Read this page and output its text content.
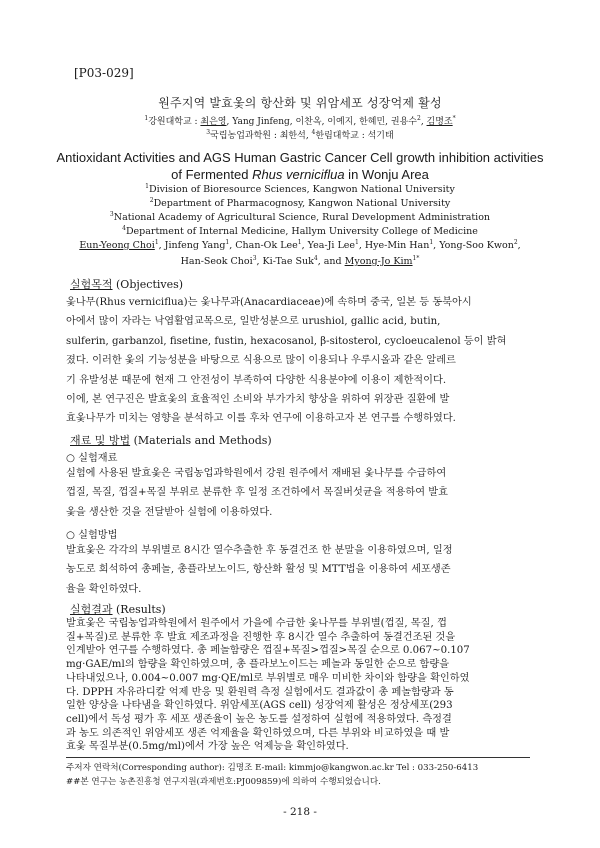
[P03-029]
원주지역 발효옻의 항산화 및 위암세포 성장억제 활성
$^1$강원대학교 : 최은영, Yang Jinfeng, 이찬옥, 이예지, 한혜민, 권용수$^2$, 김명조*
$^3$국립농업과학원 : 최한석, $^4$한림대학교 : 석기태
Antioxidant Activities and AGS Human Gastric Cancer Cell growth inhibition activities
of Fermented Rhus verniciflua in Wonju Area
$^1$Division of Bioresource Sciences, Kangwon National University
$^2$Department of Pharmacognosy, Kangwon National University
$^3$National Academy of Agricultural Science, Rural Development Administration
$^4$Department of Internal Medicine, Hallym University College of Medicine
Eun-Yeong Choi$^1$, Jinfeng Yang$^1$, Chan-Ok Lee$^1$, Yea-Ji Lee$^1$, Hye-Min Han$^1$, Yong-Soo Kwon$^2$,
Han-Seok Choi$^3$, Ki-Tae Suk$^4$, and Myong-Jo Kim$^{1*}$
실험목적 (Objectives)
옻나무(Rhus verniciflua)는 옻나무과(Anacardiaceae)에 속하며 중국, 일본 등 동북아시
아에서 많이 자라는 낙엽활엽교목으로, 일반성분으로 urushiol, gallic acid, butin,
sulferin, garbanzol, fisetine, fustin, hexacosanol, β-sitosterol, cycloeucalenol 등이 밝혀
졌다. 이러한 옻의 기능성분을 바탕으로 식용으로 많이 이용되나 우루시올과 같은 알레르
기 유발성분 때문에 현재 그 안전성이 부족하여 다양한 식용분야에 이용이 제한적이다.
이에, 본 연구진은 발효옻의 효율적인 소비와 부가가치 향상을 위하여 위장관 질환에 발
효옻나무가 미치는 영향을 분석하고 이를 후차 연구에 이용하고자 본 연구를 수행하였다.
재료 및 방법 (Materials and Methods)
○ 실험재료
실험에 사용된 발효옻은 국립농업과학원에서 강원 원주에서 재배된 옻나무를 수급하여
껍질, 목질, 껍질+목질 부위로 분류한 후 일정 조건하에서 목질버섯균을 적용하여 발효
옻을 생산한 것을 전달받아 실험에 이용하였다.
○ 실험방법
발효옻은 각각의 부위별로 8시간 열수추출한 후 동결건조 한 분말을 이용하였으며, 일정
농도로 희석하여 총페놀, 총플라보노이드, 항산화 활성 및 MTT법을 이용하여 세포생존
율을 확인하였다.
실험결과 (Results)
발효옻은 국립농업과학원에서 원주에서 가을에 수급한 옻나무를 부위별(껍질, 목질, 껍
질+목질)로 분류한 후 발효 제조과정을 진행한 후 8시간 열수 추출하여 동결건조된 것을
인계받아 연구를 수행하였다. 총 페놀함량은 껍질+목질>껍질>목질 순으로 0.067~0.107
mg·GAE/ml의 함량을 확인하였으며, 총 플라보노이드는 페놀과 동일한 순으로 함량을
나타내었으나, 0.004~0.007 mg·QE/ml로 부위별로 매우 미비한 차이와 함량을 확인하였
다. DPPH 자유라디칼 억제 반응 및 환원력 측정 실험에서도 결과값이 총 페놀함량과 동
일한 양상을 나타냄을 확인하였다. 위암세포(AGS cell) 성장억제 활성은 정상세포(293
cell)에서 독성 평가 후 세포 생존율이 높은 농도를 설정하여 실험에 적용하였다. 측정결
과 농도 의존적인 위암세포 생존 억제율을 확인하였으며, 다른 부위와 비교하였을 때 발
효옻 목질부분(0.5mg/ml)에서 가장 높은 억제능을 확인하였다.
주저자 연락처(Corresponding author): 김명조 E-mail: kimmjo@kangwon.ac.kr Tel : 033-250-6413
##본 연구는 농촌진흥청 연구지원(과제번호:PJ009859)에 의하여 수행되었습니다.
- 218 -
